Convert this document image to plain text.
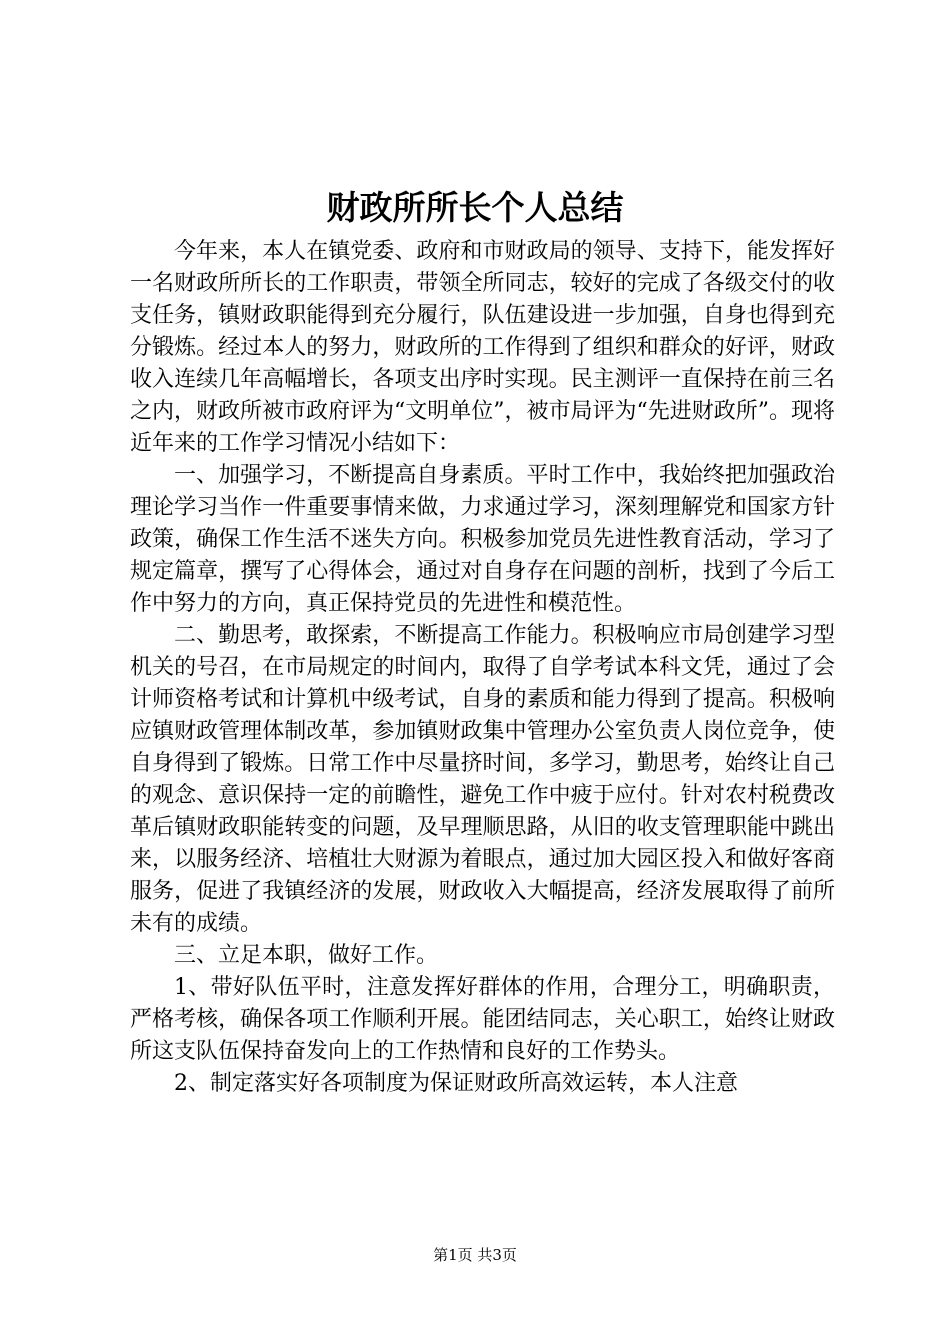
财政所所长个人总结

今年来，本人在镇党委、政府和市财政局的领导、支持下，能发挥好一名财政所所长的工作职责，带领全所同志，较好的完成了各级交付的收支任务，镇财政职能得到充分履行，队伍建设进一步加强，自身也得到充分锻炼。经过本人的努力，财政所的工作得到了组织和群众的好评，财政收入连续几年高幅增长，各项支出序时实现。民主测评一直保持在前三名之内，财政所被市政府评为“文明单位”，被市局评为“先进财政所”。现将近年来的工作学习情况小结如下：

一、加强学习，不断提高自身素质。平时工作中，我始终把加强政治理论学习当作一件重要事情来做，力求通过学习，深刻理解党和国家方针政策，确保工作生活不迷失方向。积极参加党员先进性教育活动，学习了规定篇章，撰写了心得体会，通过对自身存在问题的剖析，找到了今后工作中努力的方向，真正保持党员的先进性和模范性。

二、勤思考，敢探索，不断提高工作能力。积极响应市局创建学习型机关的号召，在市局规定的时间内，取得了自学考试本科文凭，通过了会计师资格考试和计算机中级考试，自身的素质和能力得到了提高。积极响应镇财政管理体制改革，参加镇财政集中管理办公室负责人岗位竞争，使自身得到了锻炼。日常工作中尽量挤时间，多学习，勤思考，始终让自己的观念、意识保持一定的前瞻性，避免工作中疲于应付。针对农村税费改革后镇财政职能转变的问题，及早理顺思路，从旧的收支管理职能中跳出来，以服务经济、培植壮大财源为着眼点，通过加大园区投入和做好客商服务，促进了我镇经济的发展，财政收入大幅提高，经济发展取得了前所未有的成绩。

三、立足本职，做好工作。

1、带好队伍平时，注意发挥好群体的作用，合理分工，明确职责，严格考核，确保各项工作顺利开展。能团结同志，关心职工，始终让财政所这支队伍保持奋发向上的工作热情和良好的工作势头。

2、制定落实好各项制度为保证财政所高效运转，本人注意

第1页 共3页
